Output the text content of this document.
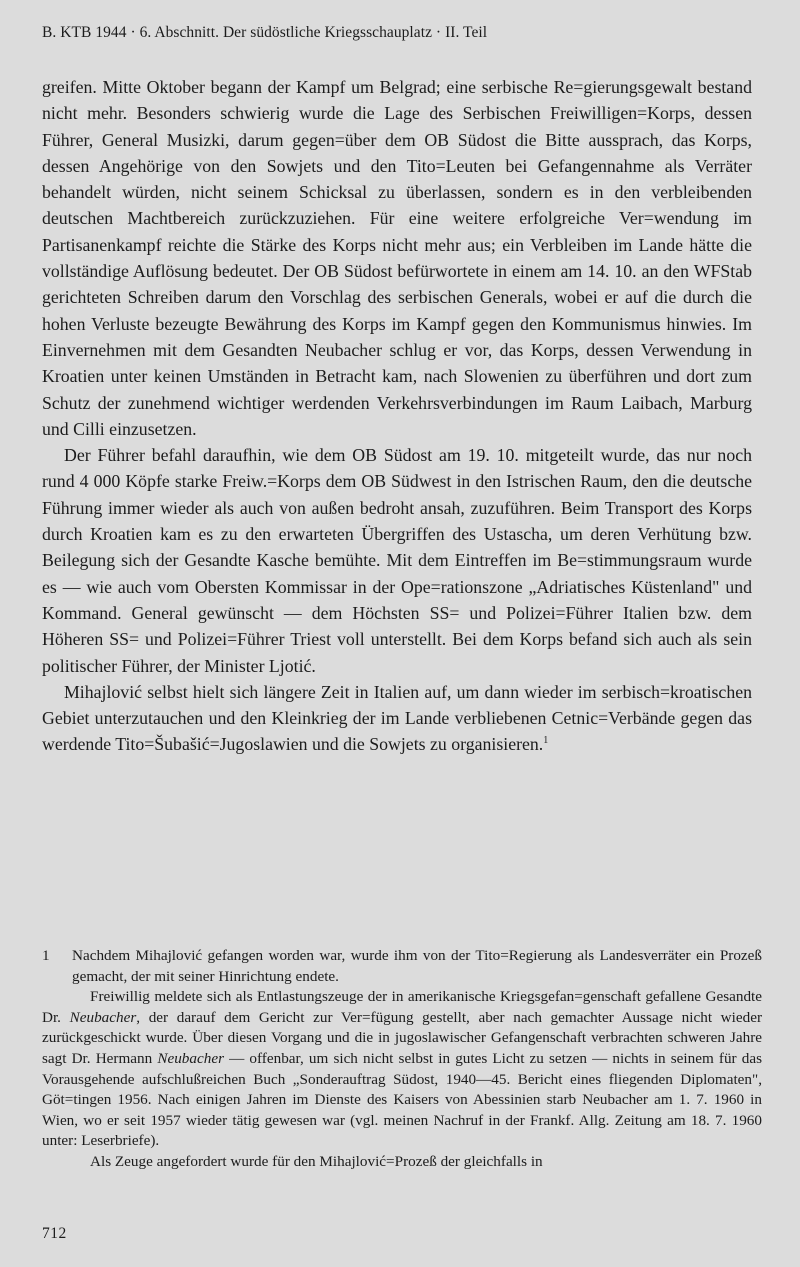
B. KTB 1944 · 6. Abschnitt. Der südöstliche Kriegsschauplatz · II. Teil

greifen. Mitte Oktober begann der Kampf um Belgrad; eine serbische Re=gierungsgewalt bestand nicht mehr. Besonders schwierig wurde die Lage des Serbischen Freiwilligen=Korps, dessen Führer, General Musizki, darum gegen=über dem OB Südost die Bitte aussprach, das Korps, dessen Angehörige von den Sowjets und den Tito=Leuten bei Gefangennahme als Verräter behandelt würden, nicht seinem Schicksal zu überlassen, sondern es in den verbleibenden deutschen Machtbereich zurückzuziehen. Für eine weitere erfolgreiche Ver=wendung im Partisanenkampf reichte die Stärke des Korps nicht mehr aus; ein Verbleiben im Lande hätte die vollständige Auflösung bedeutet. Der OB Südost befürwortete in einem am 14. 10. an den WFStab gerichteten Schreiben darum den Vorschlag des serbischen Generals, wobei er auf die durch die hohen Verluste bezeugte Bewährung des Korps im Kampf gegen den Kommunismus hinwies. Im Einvernehmen mit dem Gesandten Neubacher schlug er vor, das Korps, dessen Verwendung in Kroatien unter keinen Umständen in Betracht kam, nach Slowenien zu überführen und dort zum Schutz der zunehmend wichtiger werdenden Verkehrsverbindungen im Raum Laibach, Marburg und Cilli einzusetzen.

Der Führer befahl daraufhin, wie dem OB Südost am 19. 10. mitgeteilt wurde, das nur noch rund 4 000 Köpfe starke Freiw.=Korps dem OB Südwest in den Istrischen Raum, den die deutsche Führung immer wieder als auch von außen bedroht ansah, zuzuführen. Beim Transport des Korps durch Kroatien kam es zu den erwarteten Übergriffen des Ustascha, um deren Verhütung bzw. Beilegung sich der Gesandte Kasche bemühte. Mit dem Eintreffen im Be=stimmungsraum wurde es — wie auch vom Obersten Kommissar in der Ope=rationszone „Adriatisches Küstenland" und Kommand. General gewünscht — dem Höchsten SS= und Polizei=Führer Italien bzw. dem Höheren SS= und Polizei=Führer Triest voll unterstellt. Bei dem Korps befand sich auch als sein politischer Führer, der Minister Ljotić.

Mihajlović selbst hielt sich längere Zeit in Italien auf, um dann wieder im serbisch=kroatischen Gebiet unterzutauchen und den Kleinkrieg der im Lande verbliebenen Cetnic=Verbände gegen das werdende Tito=Šubašić=Jugoslawien und die Sowjets zu organisieren.$^1$

1	Nachdem Mihajlović gefangen worden war, wurde ihm von der Tito=Regierung als Landesverräter ein Prozeß gemacht, der mit seiner Hinrichtung endete.

Freiwillig meldete sich als Entlastungszeuge der in amerikanische Kriegsgefan=genschaft gefallene Gesandte Dr. Neubacher, der darauf dem Gericht zur Ver=fügung gestellt, aber nach gemachter Aussage nicht wieder zurückgeschickt wurde. Über diesen Vorgang und die in jugoslawischer Gefangenschaft verbrachten schweren Jahre sagt Dr. Hermann Neubacher — offenbar, um sich nicht selbst in gutes Licht zu setzen — nichts in seinem für das Vorausgehende aufschlußreichen Buch „Sonderauftrag Südost, 1940—45. Bericht eines fliegenden Diplomaten", Göt=tingen 1956. Nach einigen Jahren im Dienste des Kaisers von Abessinien starb Neubacher am 1. 7. 1960 in Wien, wo er seit 1957 wieder tätig gewesen war (vgl. meinen Nachruf in der Frankf. Allg. Zeitung am 18. 7. 1960 unter: Leserbriefe).

Als Zeuge angefordert wurde für den Mihajlović=Prozeß der gleichfalls in

712
